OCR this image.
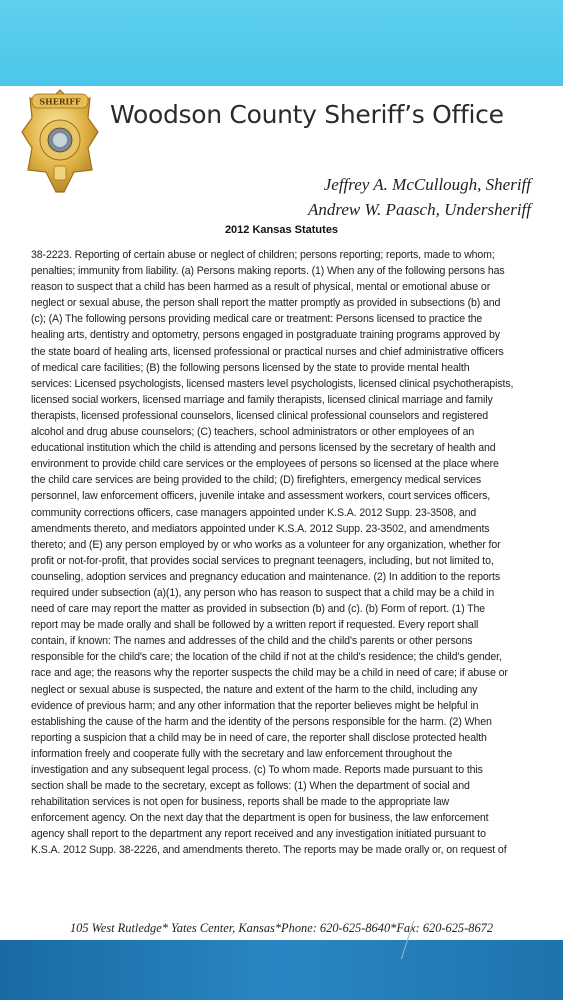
SHERIFF Woodson County Sheriff’s Office
Jeffrey A. McCullough, Sheriff
Andrew W. Paasch, Undersheriff
2012 Kansas Statutes
38-2223. Reporting of certain abuse or neglect of children; persons reporting; reports, made to whom;
penalties; immunity from liability. (a) Persons making reports. (1) When any of the following persons has
reason to suspect that a child has been harmed as a result of physical, mental or emotional abuse or
neglect or sexual abuse, the person shall report the matter promptly as provided in subsections (b) and
(c); (A) The following persons providing medical care or treatment: Persons licensed to practice the
healing arts, dentistry and optometry, persons engaged in postgraduate training programs approved by
the state board of healing arts, licensed professional or practical nurses and chief administrative officers
of medical care facilities; (B) the following persons licensed by the state to provide mental health
services: Licensed psychologists, licensed masters level psychologists, licensed clinical psychotherapists,
licensed social workers, licensed marriage and family therapists, licensed clinical marriage and family
therapists, licensed professional counselors, licensed clinical professional counselors and registered
alcohol and drug abuse counselors; (C) teachers, school administrators or other employees of an
educational institution which the child is attending and persons licensed by the secretary of health and
environment to provide child care services or the employees of persons so licensed at the place where
the child care services are being provided to the child; (D) firefighters, emergency medical services
personnel, law enforcement officers, juvenile intake and assessment workers, court services officers,
community corrections officers, case managers appointed under K.S.A. 2012 Supp. 23-3508, and
amendments thereto, and mediators appointed under K.S.A. 2012 Supp. 23-3502, and amendments
thereto; and (E) any person employed by or who works as a volunteer for any organization, whether for
profit or not-for-profit, that provides social services to pregnant teenagers, including, but not limited to,
counseling, adoption services and pregnancy education and maintenance. (2) In addition to the reports
required under subsection (a)(1), any person who has reason to suspect that a child may be a child in
need of care may report the matter as provided in subsection (b) and (c). (b) Form of report. (1) The
report may be made orally and shall be followed by a written report if requested. Every report shall
contain, if known: The names and addresses of the child and the child's parents or other persons
responsible for the child's care; the location of the child if not at the child's residence; the child's gender,
race and age; the reasons why the reporter suspects the child may be a child in need of care; if abuse or
neglect or sexual abuse is suspected, the nature and extent of the harm to the child, including any
evidence of previous harm; and any other information that the reporter believes might be helpful in
establishing the cause of the harm and the identity of the persons responsible for the harm. (2) When
reporting a suspicion that a child may be in need of care, the reporter shall disclose protected health
information freely and cooperate fully with the secretary and law enforcement throughout the
investigation and any subsequent legal process. (c) To whom made. Reports made pursuant to this
section shall be made to the secretary, except as follows: (1) When the department of social and
rehabilitation services is not open for business, reports shall be made to the appropriate law
enforcement agency. On the next day that the department is open for business, the law enforcement
agency shall report to the department any report received and any investigation initiated pursuant to
K.S.A. 2012 Supp. 38-2226, and amendments thereto. The reports may be made orally or, on request of
105 West Rutledge* Yates Center, Kansas*Phone: 620-625-8640*Fax: 620-625-8672
